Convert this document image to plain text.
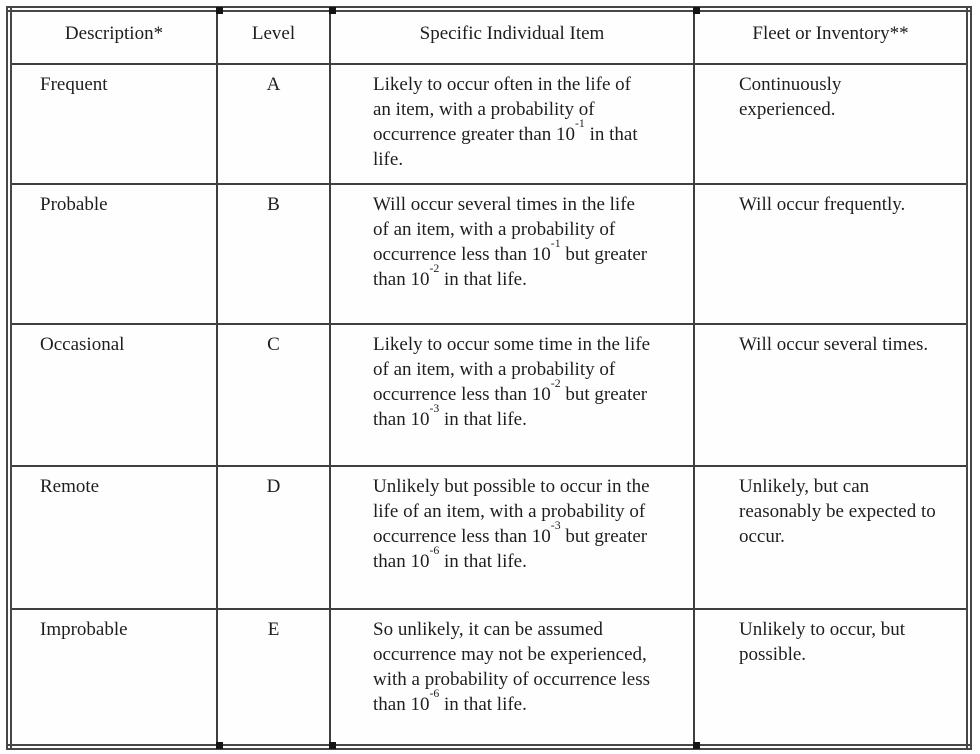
Description*	Level	Specific Individual Item	Fleet or Inventory**
Frequent	A	Likely to occur often in the life of an item, with a probability of occurrence greater than $10^{-1}$ in that life.	Continuously experienced.
Probable	B	Will occur several times in the life of an item, with a probability of occurrence less than $10^{-1}$ but greater than $10^{-2}$ in that life.	Will occur frequently.
Occasional	C	Likely to occur some time in the life of an item, with a probability of occurrence less than $10^{-2}$ but greater than $10^{-3}$ in that life.	Will occur several times.
Remote	D	Unlikely but possible to occur in the life of an item, with a probability of occurrence less than $10^{-3}$ but greater than $10^{-6}$ in that life.	Unlikely, but can reasonably be expected to occur.
Improbable	E	So unlikely, it can be assumed occurrence may not be experienced, with a probability of occurrence less than $10^{-6}$ in that life.	Unlikely to occur, but possible.
